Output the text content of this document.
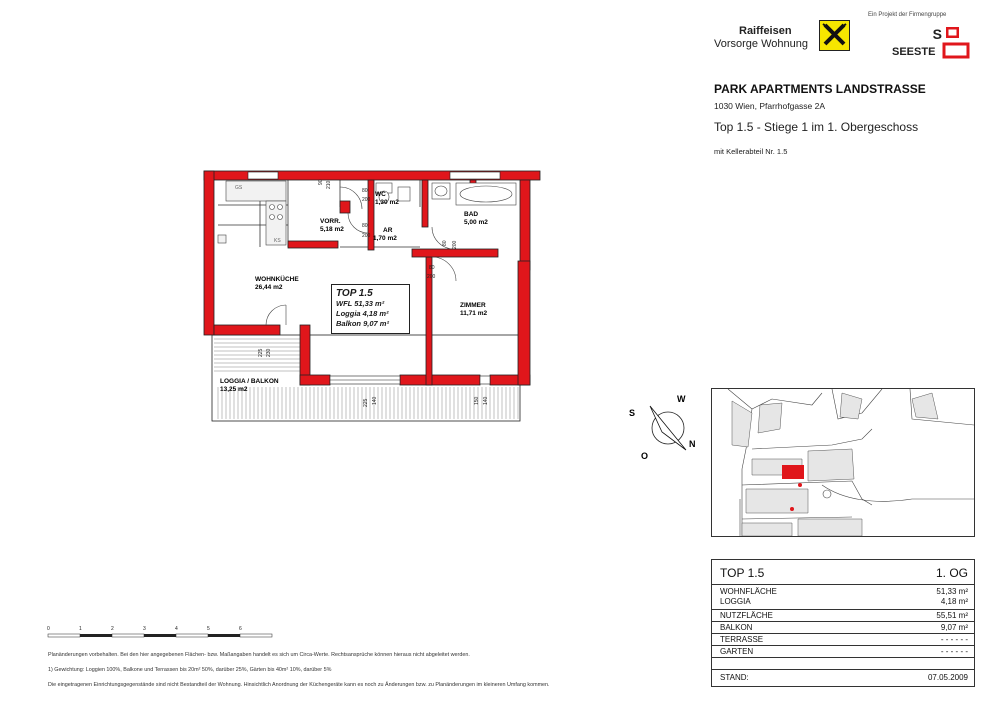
Ein Projekt der Firmengruppe
Raiffeisen
Vorsorge Wohnung
S
SEESTE
PARK APARTMENTS LANDSTRASSE
1030 Wien, Pfarrhofgasse 2A
Top 1.5 - Stiege 1 im 1. Obergeschoss
mit Kellerabteil Nr. 1.5
WOHNKÜCHE
26,44 m2
VORR.
5,18 m2
WC
1,30 m2
AR
1,70 m2
BAD
5,00 m2
ZIMMER
11,71 m2
LOGGIA / BALKON
13,25 m2
GS
KS
90 210
80
200
80
200
80 200
80
200
225 230
225 140	150 140
TOP 1.5
WFL 51,33 m²
Loggia 4,18 m²
Balkon 9,07 m²
W
S
N
O
TOP 1.5	1. OG
WOHNFLÄCHE	51,33 m²
LOGGIA	4,18 m²
NUTZFLÄCHE	55,51 m²
BALKON	9,07 m²
TERRASSE	- - - - - -
GARTEN	- - - - - -
STAND:	07.05.2009
0	1	2	3	4	5	6
Planänderungen vorbehalten. Bei den hier angegebenen Flächen- bzw. Maßangaben handelt es sich um Circa-Werte. Rechtsansprüche können hieraus nicht abgeleitet werden.
1) Gewichtung: Loggien 100%, Balkone und Terrassen bis 20m² 50%, darüber 25%, Gärten bis 40m² 10%, darüber 5%
Die eingetragenen Einrichtungsgegenstände sind nicht Bestandteil der Wohnung. Hinsichtlich Anordnung der Küchengeräte kann es noch zu Änderungen bzw. zu Planänderungen im kleineren Umfang kommen.
